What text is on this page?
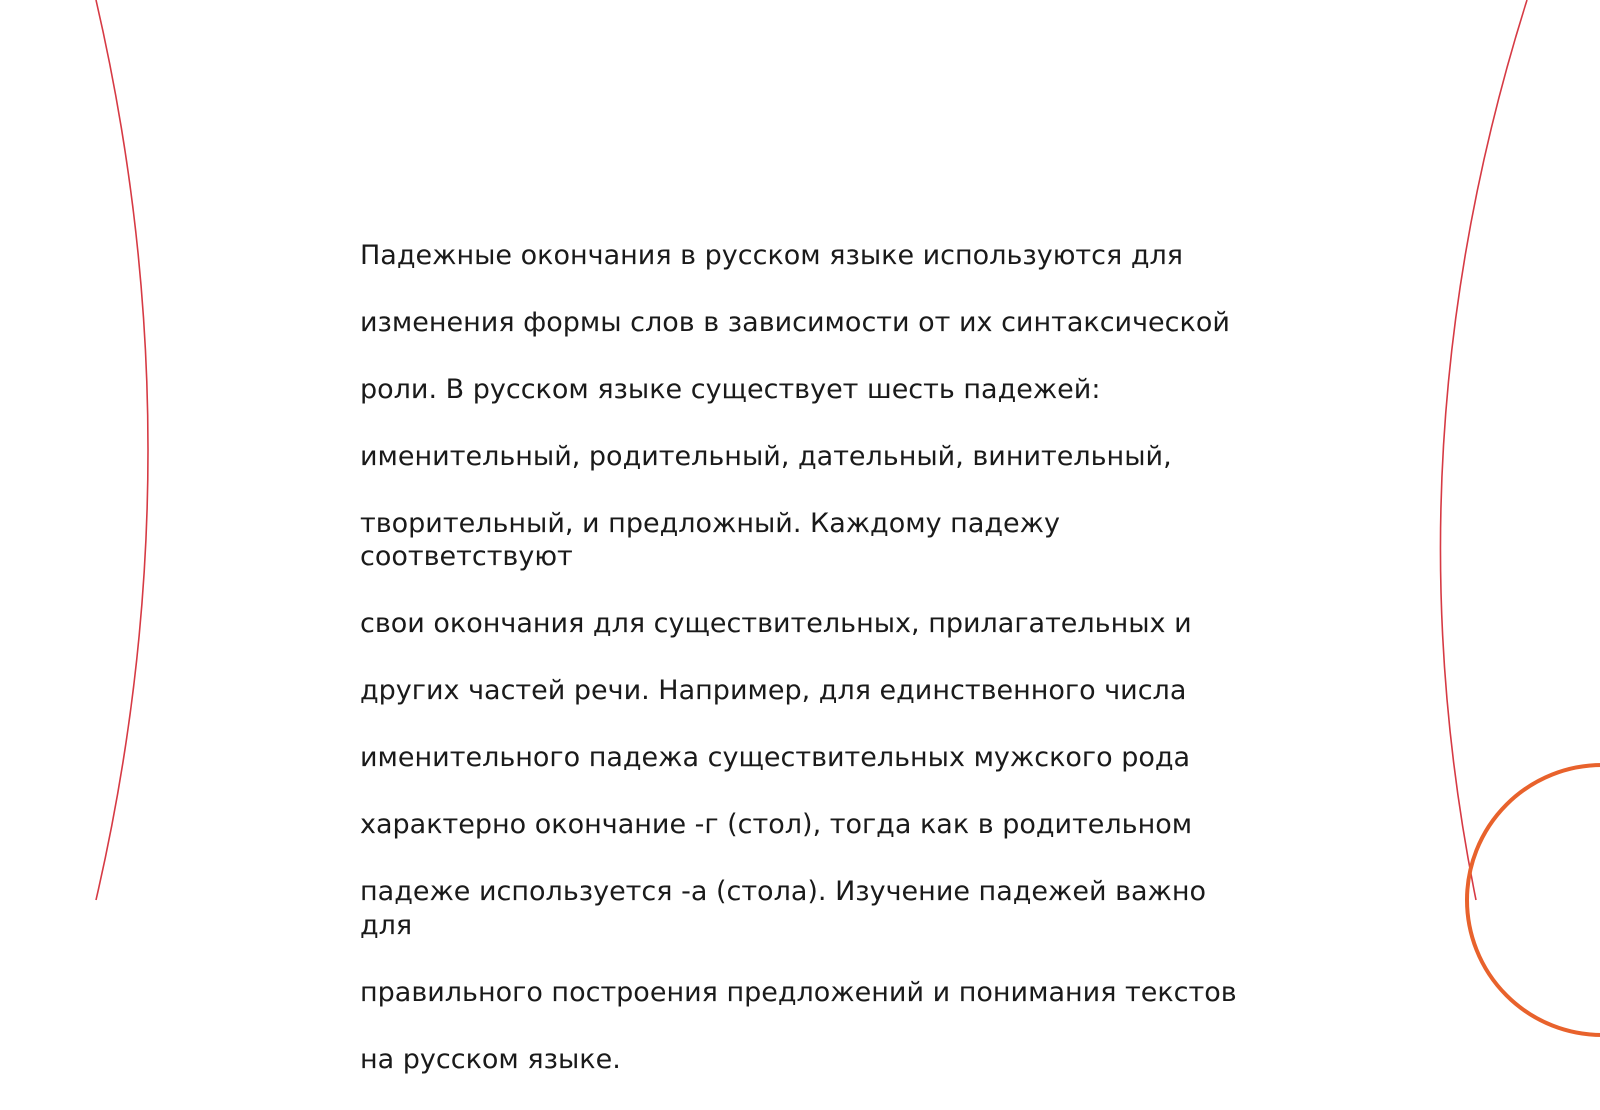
Падежные окончания в русском языке используются для

изменения формы слов в зависимости от их синтаксической

роли. В русском языке существует шесть падежей:

именительный, родительный, дательный, винительный,

творительный, и предложный. Каждому падежу соответствуют

свои окончания для существительных, прилагательных и

других частей речи. Например, для единственного числа

именительного падежа существительных мужского рода

характерно окончание -г (стол), тогда как в родительном

падеже используется -а (стола). Изучение падежей важно для

правильного построения предложений и понимания текстов

на русском языке.
